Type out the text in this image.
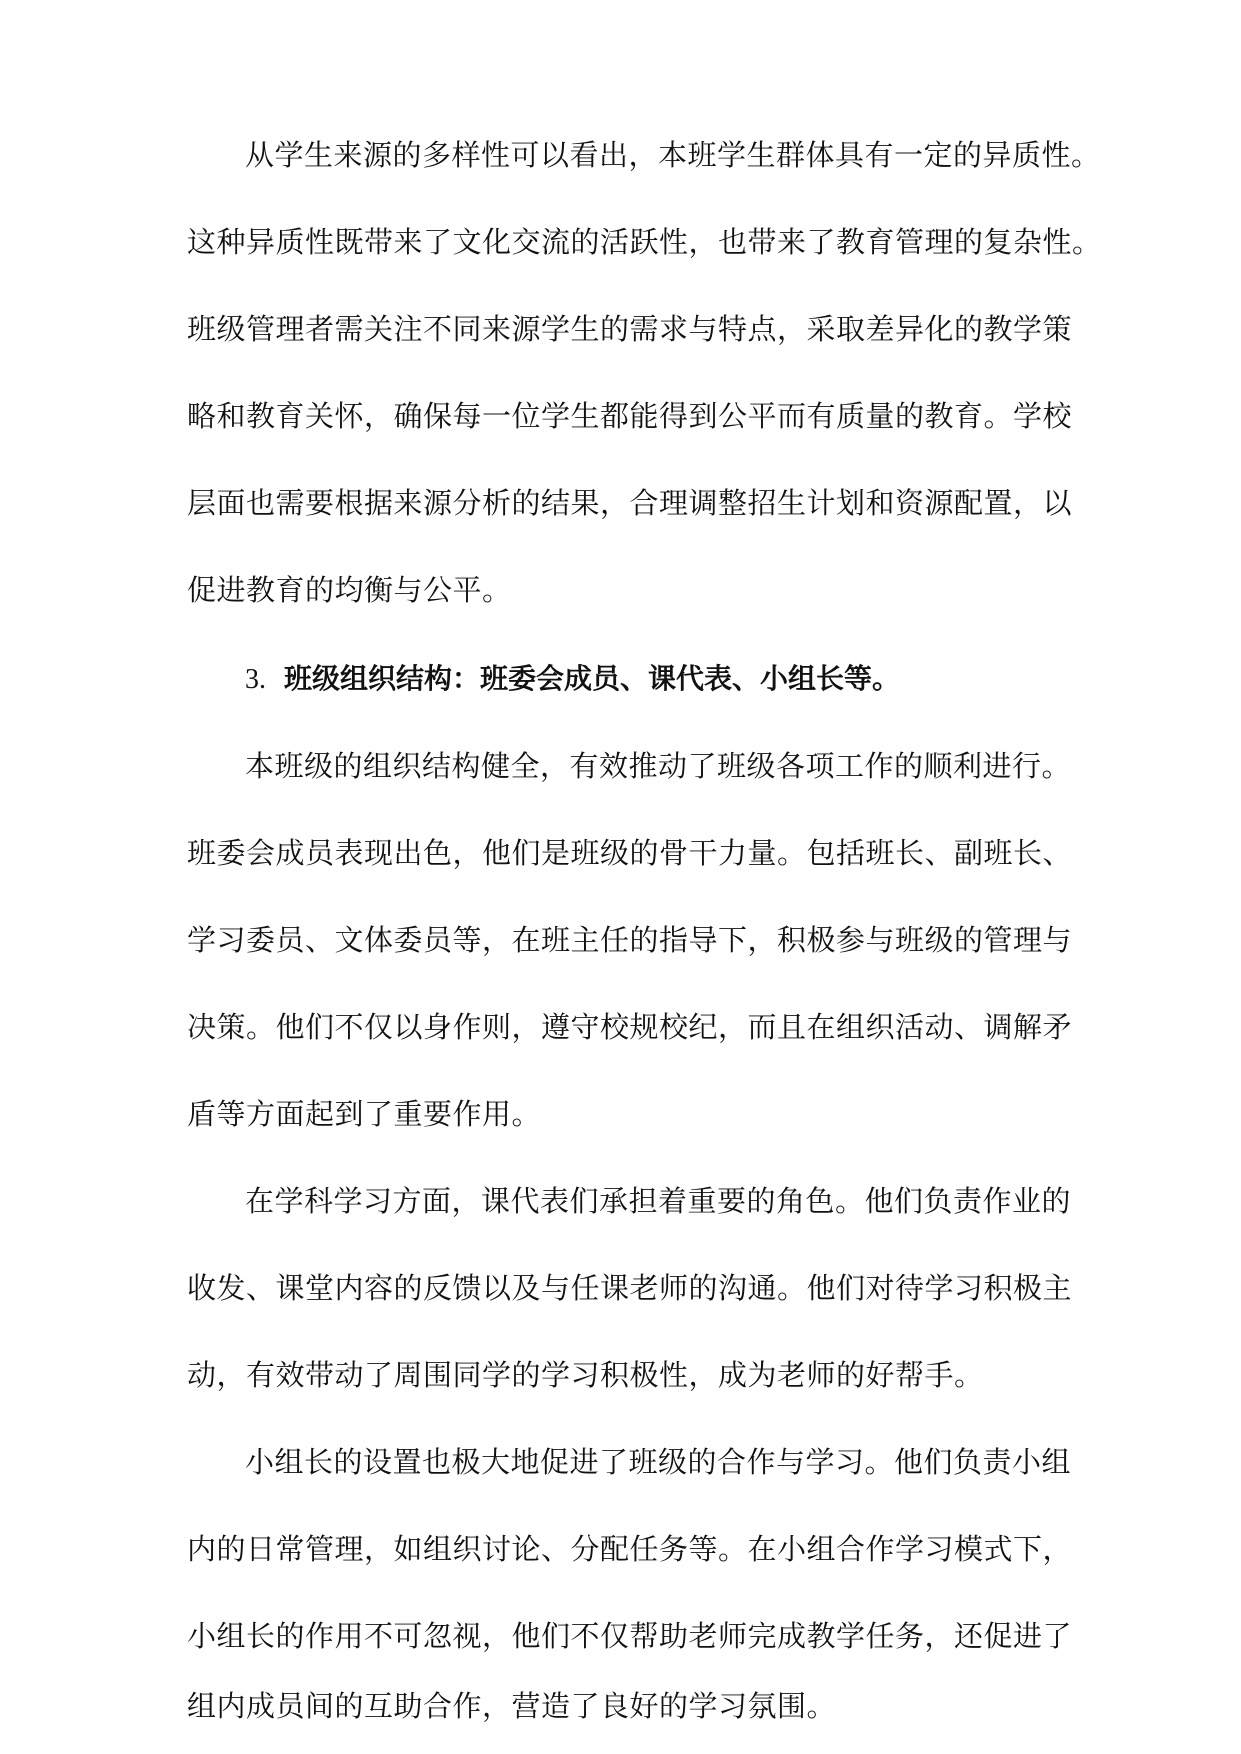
从学生来源的多样性可以看出，本班学生群体具有一定的异质性。
这种异质性既带来了文化交流的活跃性，也带来了教育管理的复杂性。
班级管理者需关注不同来源学生的需求与特点，采取差异化的教学策
略和教育关怀，确保每一位学生都能得到公平而有质量的教育。学校
层面也需要根据来源分析的结果，合理调整招生计划和资源配置，以
促进教育的均衡与公平。
3. 班级组织结构：班委会成员、课代表、小组长等。
本班级的组织结构健全，有效推动了班级各项工作的顺利进行。
班委会成员表现出色，他们是班级的骨干力量。包括班长、副班长、
学习委员、文体委员等，在班主任的指导下，积极参与班级的管理与
决策。他们不仅以身作则，遵守校规校纪，而且在组织活动、调解矛
盾等方面起到了重要作用。
在学科学习方面，课代表们承担着重要的角色。他们负责作业的
收发、课堂内容的反馈以及与任课老师的沟通。他们对待学习积极主
动，有效带动了周围同学的学习积极性，成为老师的好帮手。
小组长的设置也极大地促进了班级的合作与学习。他们负责小组
内的日常管理，如组织讨论、分配任务等。在小组合作学习模式下，
小组长的作用不可忽视，他们不仅帮助老师完成教学任务，还促进了
组内成员间的互助合作，营造了良好的学习氛围。
